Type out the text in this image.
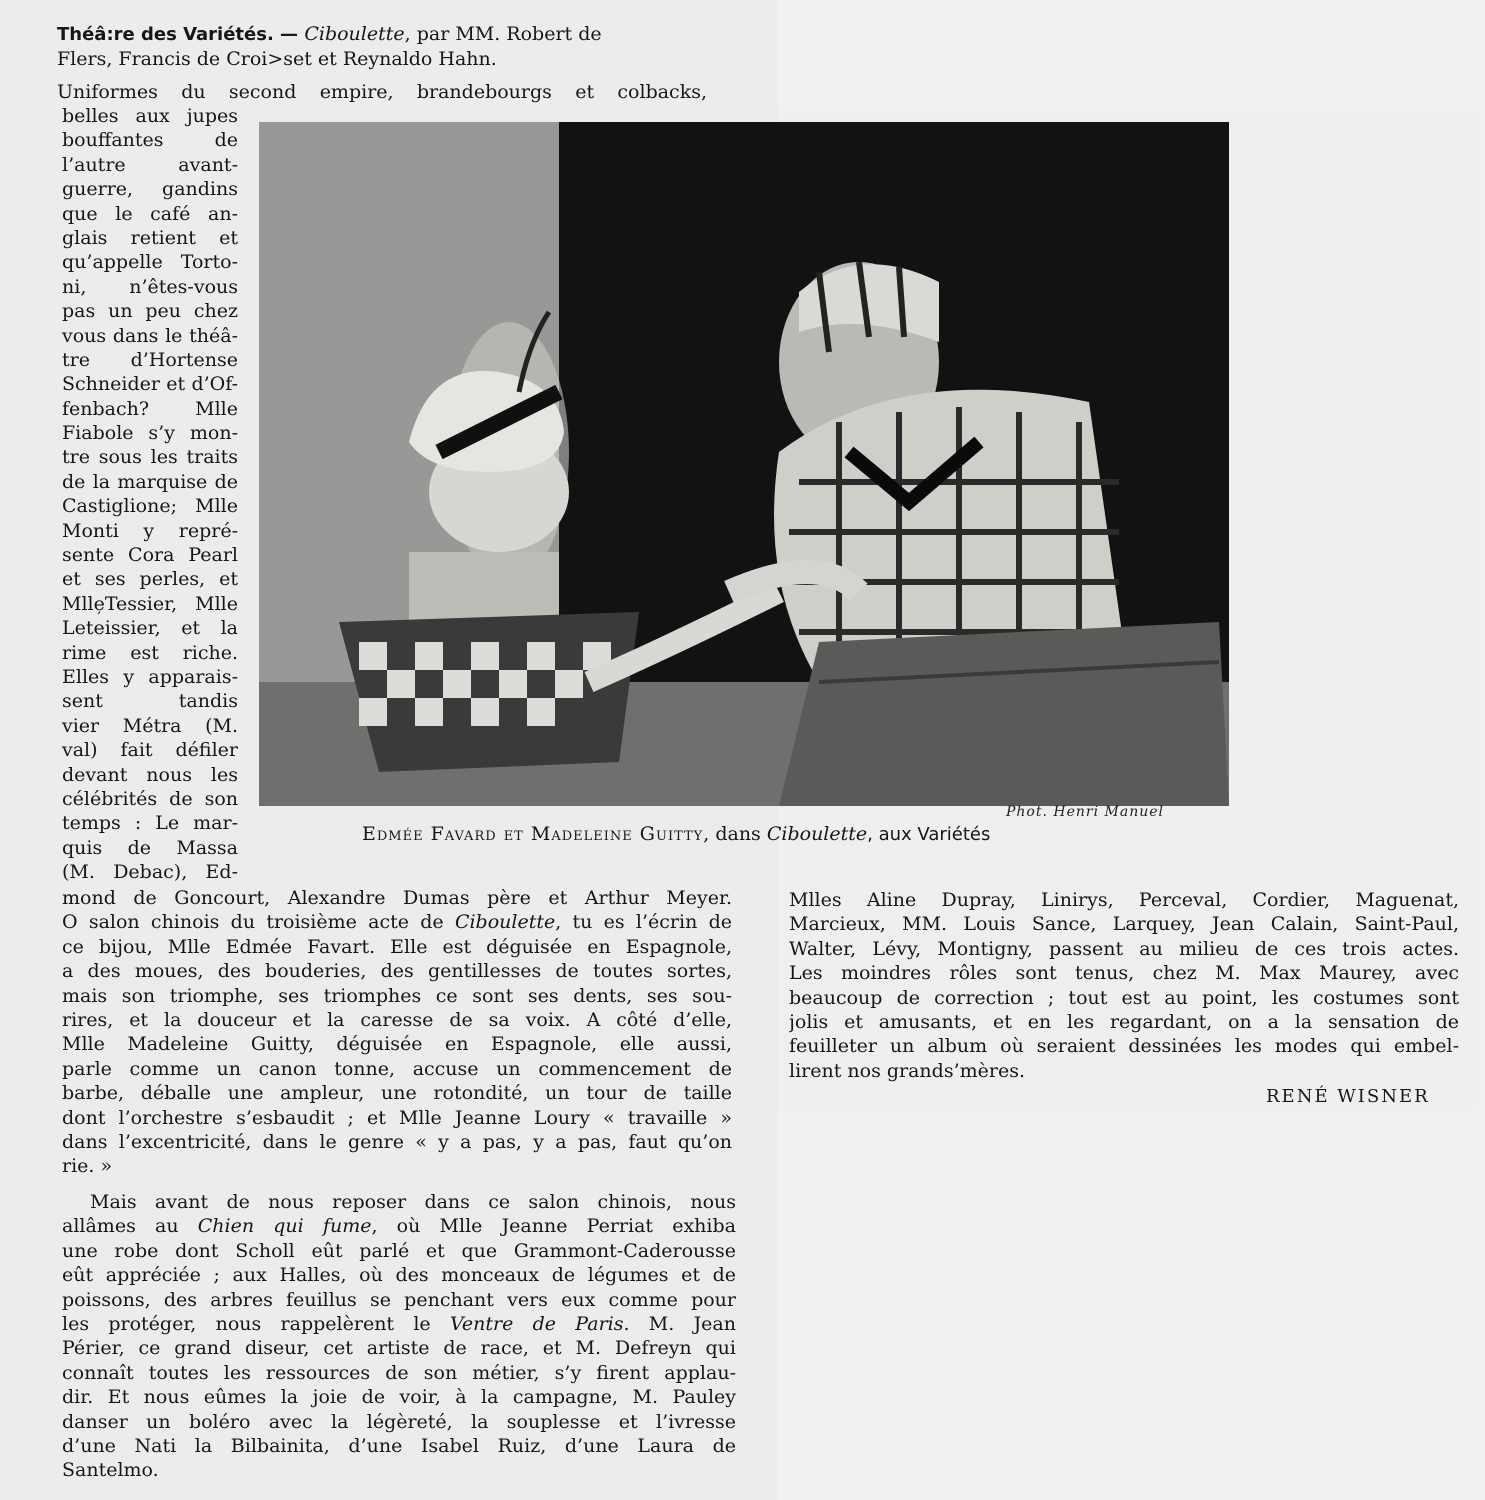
Théâ:re des Variétés. — Ciboulette, par MM. Robert de
Flers, Francis de Croi>set et Reynaldo Hahn.
Uniformes du second empire, brandebourgs et colbacks,
belles aux jupes
bouffantes de
l’autre avant-
guerre, gandins
que le café an-
glais retient et
qu’appelle Torto-
ni, n’êtes-vous
pas un peu chez
vous dans le théâ-
tre d’Hortense
Schneider et d’Of-
fenbach? Mlle
Fiabole s’y mon-
tre sous les traits
de la marquise de
Castiglione; Mlle
Monti y repré-
sente Cora Pearl
et ses perles, et
Mlle̦Tessier, Mlle
Leteissier, et la
rime est riche.
Elles y apparais-
sent tandis
vier Métra (M.
val) fait défiler
devant nous les
célébrités de son
temps : Le mar-
quis de Massa
(M. Debac), Ed-
Phot. Henri Manuel
Edmée Favard et Madeleine Guitty, dans Ciboulette, aux Variétés
mond de Goncourt, Alexandre Dumas père et Arthur Meyer.
O salon chinois du troisième acte de Ciboulette, tu es l’écrin de
ce bijou, Mlle Edmée Favart. Elle est déguisée en Espagnole,
a des moues, des bouderies, des gentillesses de toutes sortes,
mais son triomphe, ses triomphes ce sont ses dents, ses sou-
rires, et la douceur et la caresse de sa voix. A côté d’elle,
Mlle Madeleine Guitty, déguisée en Espagnole, elle aussi,
parle comme un canon tonne, accuse un commencement de
barbe, déballe une ampleur, une rotondité, un tour de taille
dont l’orchestre s’esbaudit ; et Mlle Jeanne Loury « travaille »
dans l’excentricité, dans le genre « y a pas, y a pas, faut qu’on
rie. »
Mais avant de nous reposer dans ce salon chinois, nous
allâmes au Chien qui fume, où Mlle Jeanne Perriat exhiba
une robe dont Scholl eût parlé et que Grammont-Caderousse
eût appréciée ; aux Halles, où des monceaux de légumes et de
poissons, des arbres feuillus se penchant vers eux comme pour
les protéger, nous rappelèrent le Ventre de Paris. M. Jean
Périer, ce grand diseur, cet artiste de race, et M. Defreyn qui
connaît toutes les ressources de son métier, s’y firent applau-
dir. Et nous eûmes la joie de voir, à la campagne, M. Pauley
danser un boléro avec la légèreté, la souplesse et l’ivresse
d’une Nati la Bilbainita, d’une Isabel Ruiz, d’une Laura de
Santelmo.
Mlles Aline Dupray, Linirys, Perceval, Cordier, Maguenat,
Marcieux, MM. Louis Sance, Larquey, Jean Calain, Saint-Paul,
Walter, Lévy, Montigny, passent au milieu de ces trois actes.
Les moindres rôles sont tenus, chez M. Max Maurey, avec
beaucoup de correction ; tout est au point, les costumes sont
jolis et amusants, et en les regardant, on a la sensation de
feuilleter un album où seraient dessinées les modes qui embel-
lirent nos grands’mères.
RENÉ WISNER
